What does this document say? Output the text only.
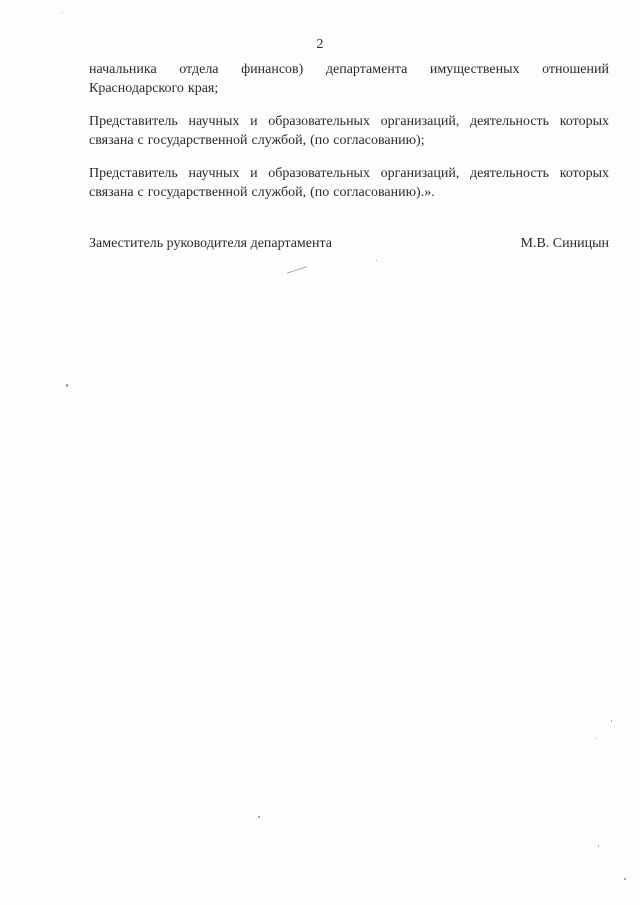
2
начальника отдела финансов) департамента имущественых отношений
Краснодарского края;
Представитель научных и образовательных организаций, деятельность которых
связана с государственной службой, (по согласованию);
Представитель научных и образовательных организаций, деятельность которых
связана с государственной службой, (по согласованию).».
Заместитель руководителя департамента	М.В. Синицын
